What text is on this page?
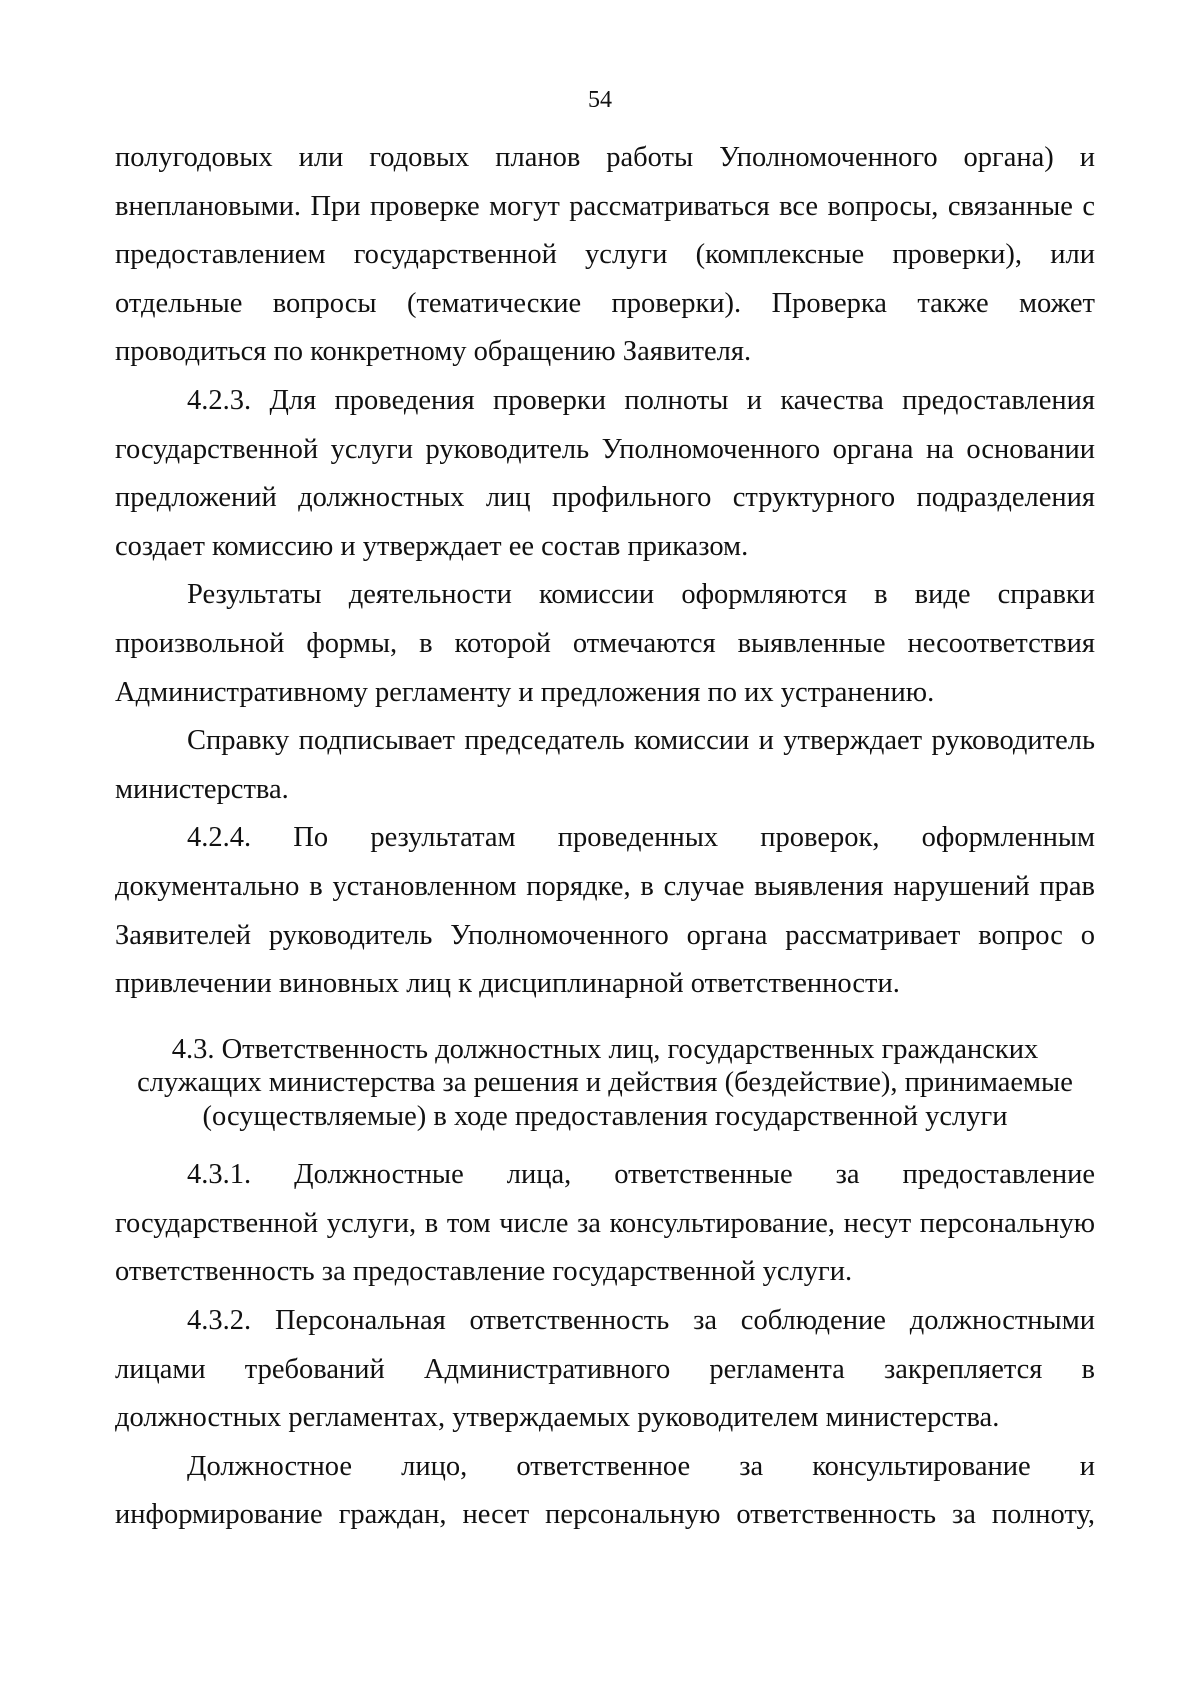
54

полугодовых или годовых планов работы Уполномоченного органа) и внеплановыми. При проверке могут рассматриваться все вопросы, связанные с предоставлением государственной услуги (комплексные проверки), или отдельные вопросы (тематические проверки). Проверка также может проводиться по конкретному обращению Заявителя.

4.2.3. Для проведения проверки полноты и качества предоставления государственной услуги руководитель Уполномоченного органа на основании предложений должностных лиц профильного структурного подразделения создает комиссию и утверждает ее состав приказом.

Результаты деятельности комиссии оформляются в виде справки произвольной формы, в которой отмечаются выявленные несоответствия Административному регламенту и предложения по их устранению.

Справку подписывает председатель комиссии и утверждает руководитель министерства.

4.2.4. По результатам проведенных проверок, оформленным документально в установленном порядке, в случае выявления нарушений прав Заявителей руководитель Уполномоченного органа рассматривает вопрос о привлечении виновных лиц к дисциплинарной ответственности.

4.3. Ответственность должностных лиц, государственных гражданских
служащих министерства за решения и действия (бездействие), принимаемые
(осуществляемые) в ходе предоставления государственной услуги

4.3.1. Должностные лица, ответственные за предоставление государственной услуги, в том числе за консультирование, несут персональную ответственность за предоставление государственной услуги.

4.3.2. Персональная ответственность за соблюдение должностными лицами требований Административного регламента закрепляется в должностных регламентах, утверждаемых руководителем министерства.

Должностное лицо, ответственное за консультирование и информирование граждан, несет персональную ответственность за полноту,
